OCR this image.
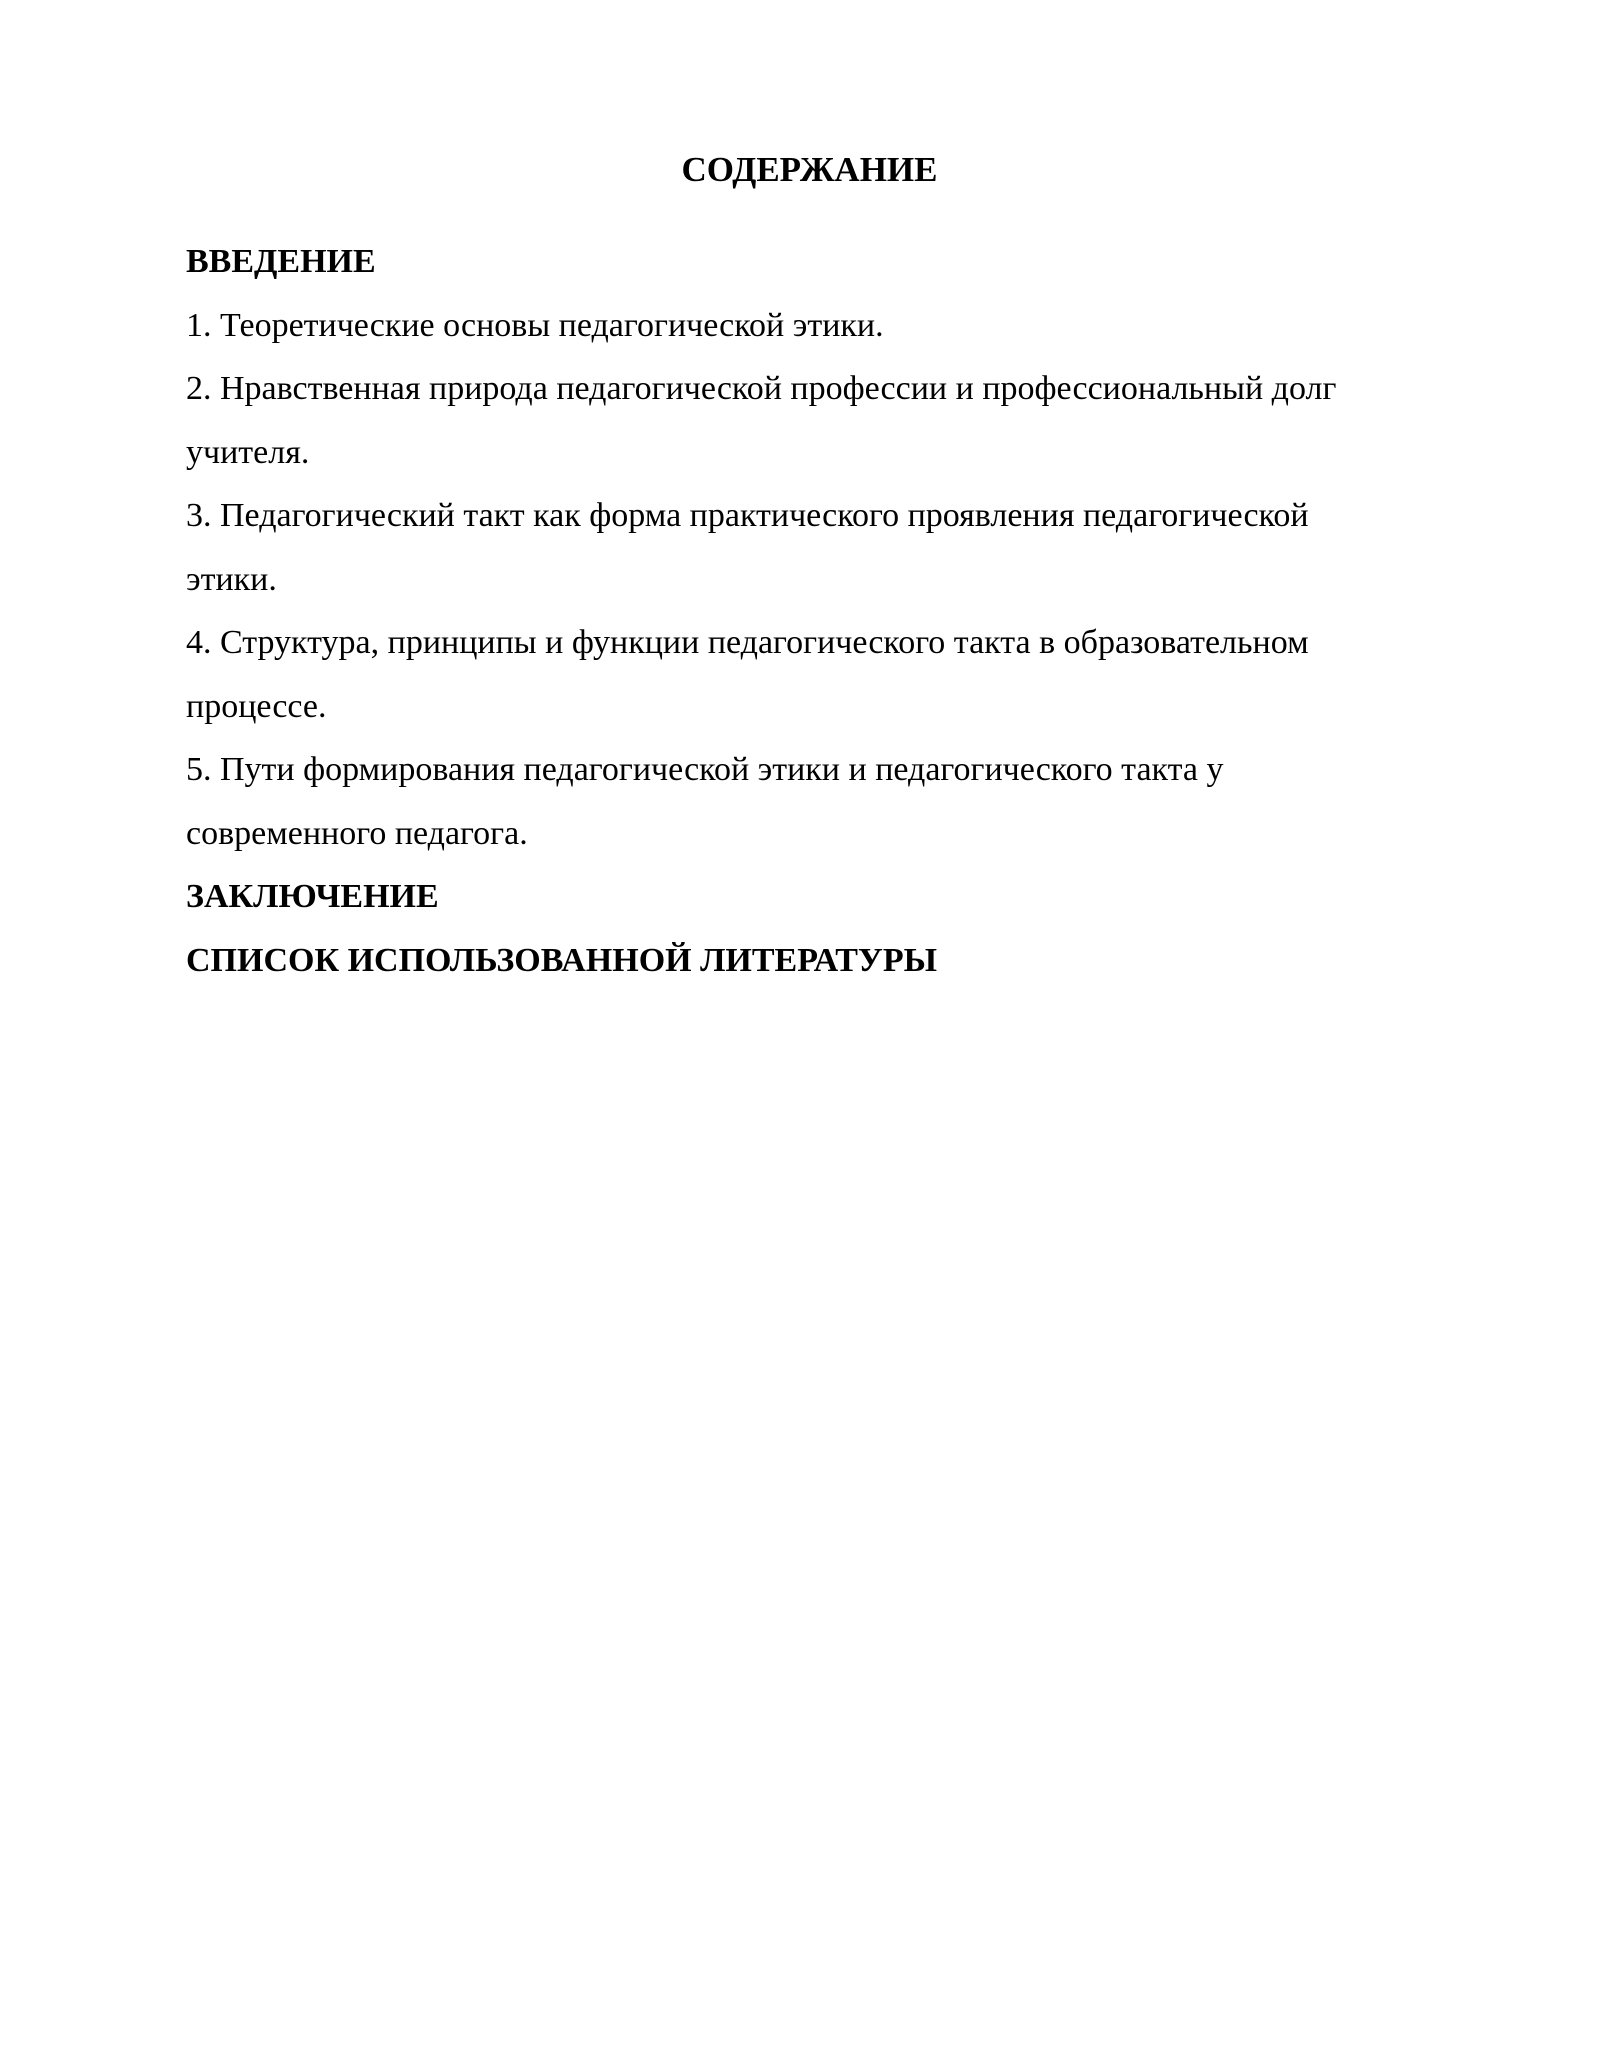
СОДЕРЖАНИЕ
ВВЕДЕНИЕ
1. Теоретические основы педагогической этики.
2. Нравственная природа педагогической профессии и профессиональный долг
учителя.
3. Педагогический такт как форма практического проявления педагогической
этики.
4. Структура, принципы и функции педагогического такта в образовательном
процессе.
5. Пути формирования педагогической этики и педагогического такта у
современного педагога.
ЗАКЛЮЧЕНИЕ
СПИСОК ИСПОЛЬЗОВАННОЙ ЛИТЕРАТУРЫ
